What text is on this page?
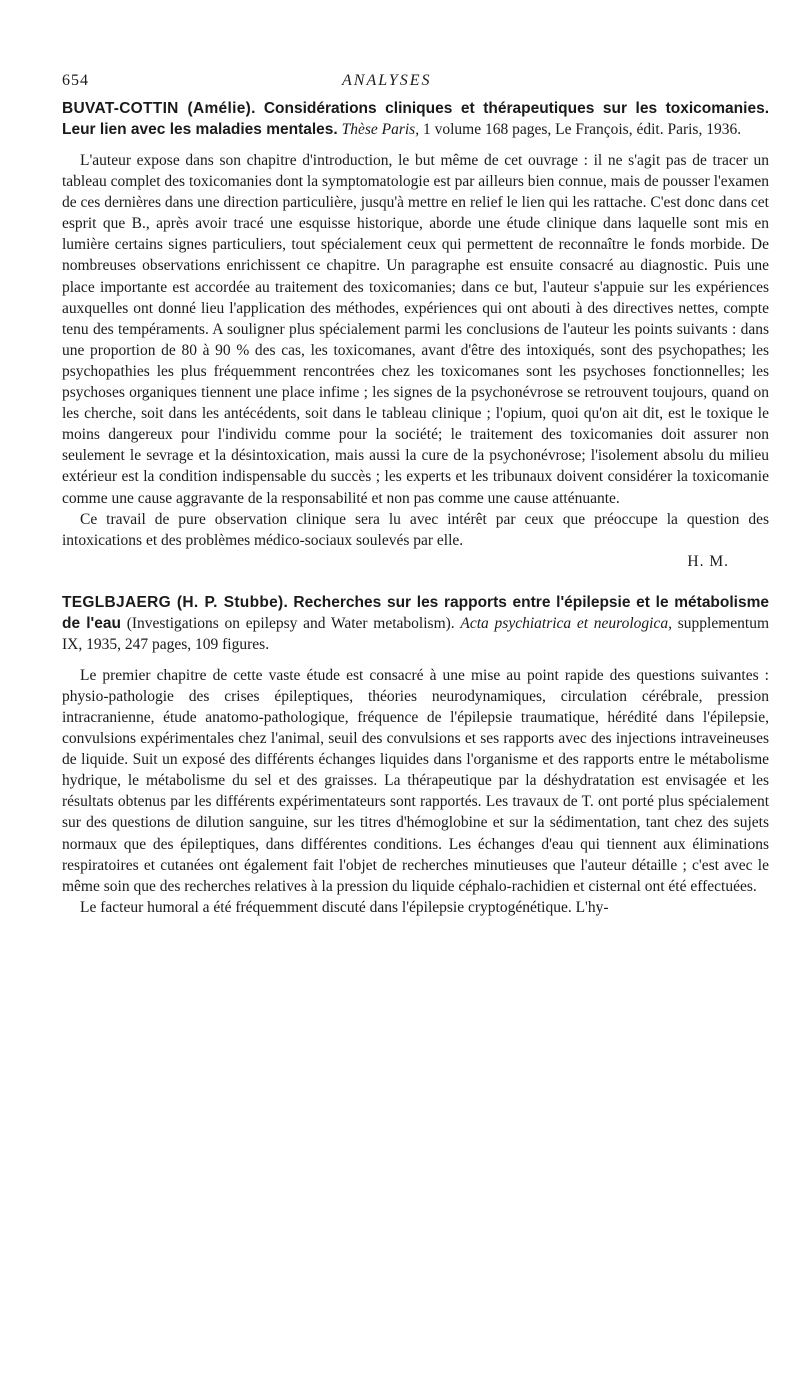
654	ANALYSES

BUVAT-COTTIN (Amélie). Considérations cliniques et thérapeutiques sur les toxicomanies. Leur lien avec les maladies mentales. Thèse Paris, 1 volume 168 pages, Le François, édit. Paris, 1936.

L'auteur expose dans son chapitre d'introduction, le but même de cet ouvrage : il ne s'agit pas de tracer un tableau complet des toxicomanies dont la symptomatologie est par ailleurs bien connue, mais de pousser l'examen de ces dernières dans une direction particulière, jusqu'à mettre en relief le lien qui les rattache. C'est donc dans cet esprit que B., après avoir tracé une esquisse historique, aborde une étude clinique dans laquelle sont mis en lumière certains signes particuliers, tout spécialement ceux qui permettent de reconnaître le fonds morbide. De nombreuses observations enrichissent ce chapitre. Un paragraphe est ensuite consacré au diagnostic. Puis une place importante est accordée au traitement des toxicomanies; dans ce but, l'auteur s'appuie sur les expériences auxquelles ont donné lieu l'application des méthodes, expériences qui ont abouti à des directives nettes, compte tenu des tempéraments. A souligner plus spécialement parmi les conclusions de l'auteur les points suivants : dans une proportion de 80 à 90 % des cas, les toxicomanes, avant d'être des intoxiqués, sont des psychopathes; les psychopathies les plus fréquemment rencontrées chez les toxicomanes sont les psychoses fonctionnelles; les psychoses organiques tiennent une place infime ; les signes de la psychonévrose se retrouvent toujours, quand on les cherche, soit dans les antécédents, soit dans le tableau clinique ; l'opium, quoi qu'on ait dit, est le toxique le moins dangereux pour l'individu comme pour la société; le traitement des toxicomanies doit assurer non seulement le sevrage et la désintoxication, mais aussi la cure de la psychonévrose; l'isolement absolu du milieu extérieur est la condition indispensable du succès ; les experts et les tribunaux doivent considérer la toxicomanie comme une cause aggravante de la responsabilité et non pas comme une cause atténuante.

Ce travail de pure observation clinique sera lu avec intérêt par ceux que préoccupe la question des intoxications et des problèmes médico-sociaux soulevés par elle.

H. M.

TEGLBJAERG (H. P. Stubbe). Recherches sur les rapports entre l'épilepsie et le métabolisme de l'eau (Investigations on epilepsy and Water metabolism). Acta psychiatrica et neurologica, supplementum IX, 1935, 247 pages, 109 figures.

Le premier chapitre de cette vaste étude est consacré à une mise au point rapide des questions suivantes : physio-pathologie des crises épileptiques, théories neurodynamiques, circulation cérébrale, pression intracranienne, étude anatomo-pathologique, fréquence de l'épilepsie traumatique, hérédité dans l'épilepsie, convulsions expérimentales chez l'animal, seuil des convulsions et ses rapports avec des injections intraveineuses de liquide. Suit un exposé des différents échanges liquides dans l'organisme et des rapports entre le métabolisme hydrique, le métabolisme du sel et des graisses. La thérapeutique par la déshydratation est envisagée et les résultats obtenus par les différents expérimentateurs sont rapportés. Les travaux de T. ont porté plus spécialement sur des questions de dilution sanguine, sur les titres d'hémoglobine et sur la sédimentation, tant chez des sujets normaux que des épileptiques, dans différentes conditions. Les échanges d'eau qui tiennent aux éliminations respiratoires et cutanées ont également fait l'objet de recherches minutieuses que l'auteur détaille ; c'est avec le même soin que des recherches relatives à la pression du liquide céphalo-rachidien et cisternal ont été effectuées.

Le facteur humoral a été fréquemment discuté dans l'épilepsie cryptogénétique. L'hy-
